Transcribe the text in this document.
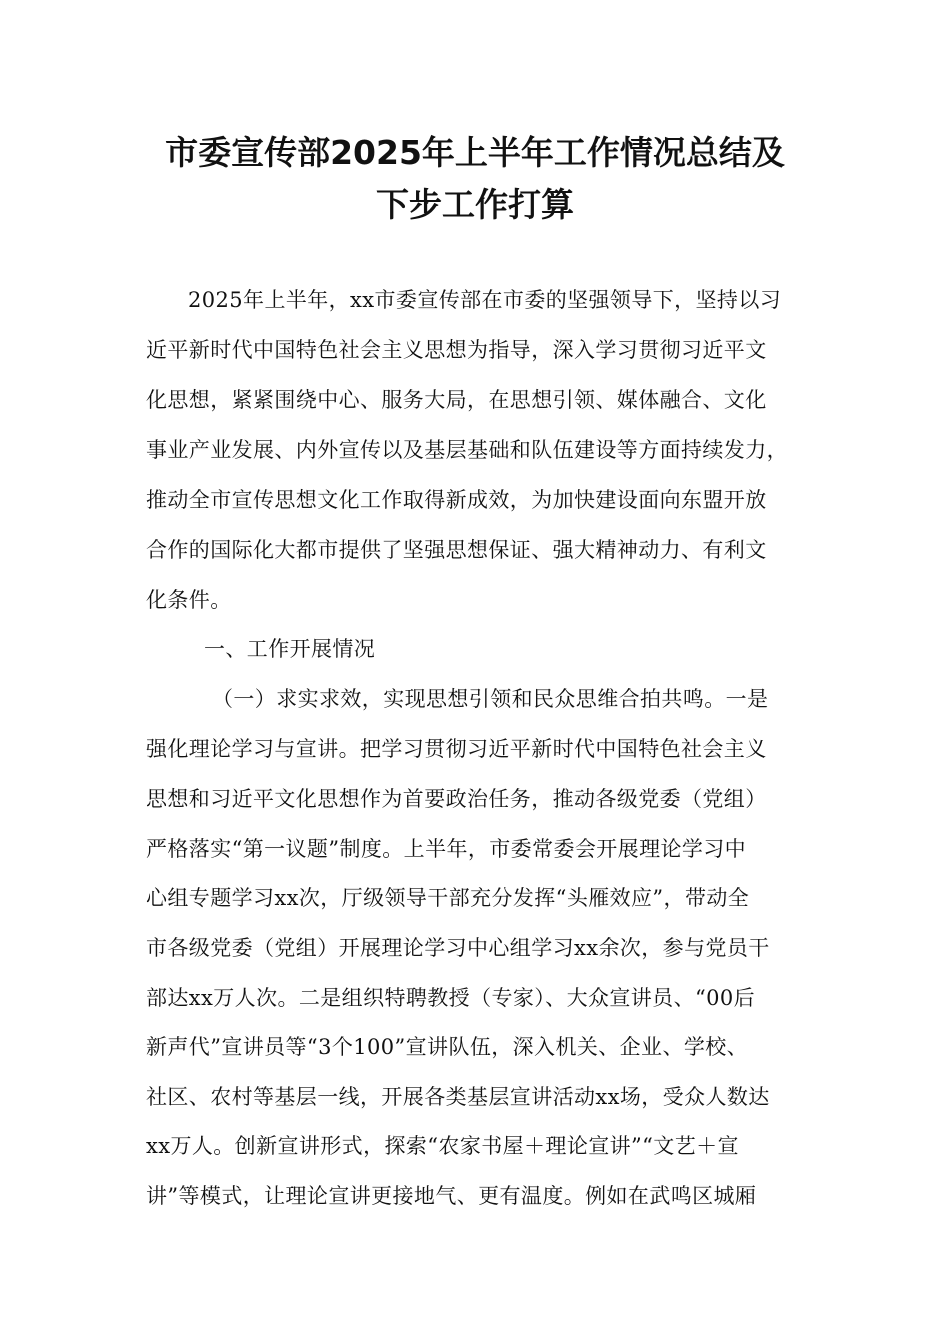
市委宣传部2025年上半年工作情况总结及
下步工作打算
2025年上半年，xx市委宣传部在市委的坚强领导下，坚持以习
近平新时代中国特色社会主义思想为指导，深入学习贯彻习近平文
化思想，紧紧围绕中心、服务大局，在思想引领、媒体融合、文化
事业产业发展、内外宣传以及基层基础和队伍建设等方面持续发力，
推动全市宣传思想文化工作取得新成效，为加快建设面向东盟开放
合作的国际化大都市提供了坚强思想保证、强大精神动力、有利文
化条件。
一、工作开展情况
（一）求实求效，实现思想引领和民众思维合拍共鸣。一是
强化理论学习与宣讲。把学习贯彻习近平新时代中国特色社会主义
思想和习近平文化思想作为首要政治任务，推动各级党委（党组）
严格落实“第一议题”制度。上半年，市委常委会开展理论学习中
心组专题学习xx次，厅级领导干部充分发挥“头雁效应”，带动全
市各级党委（党组）开展理论学习中心组学习xx余次，参与党员干
部达xx万人次。二是组织特聘教授（专家）、大众宣讲员、“00后
新声代”宣讲员等“3个100”宣讲队伍，深入机关、企业、学校、
社区、农村等基层一线，开展各类基层宣讲活动xx场，受众人数达
xx万人。创新宣讲形式，探索“农家书屋＋理论宣讲”“文艺＋宣
讲”等模式，让理论宣讲更接地气、更有温度。例如在武鸣区城厢
